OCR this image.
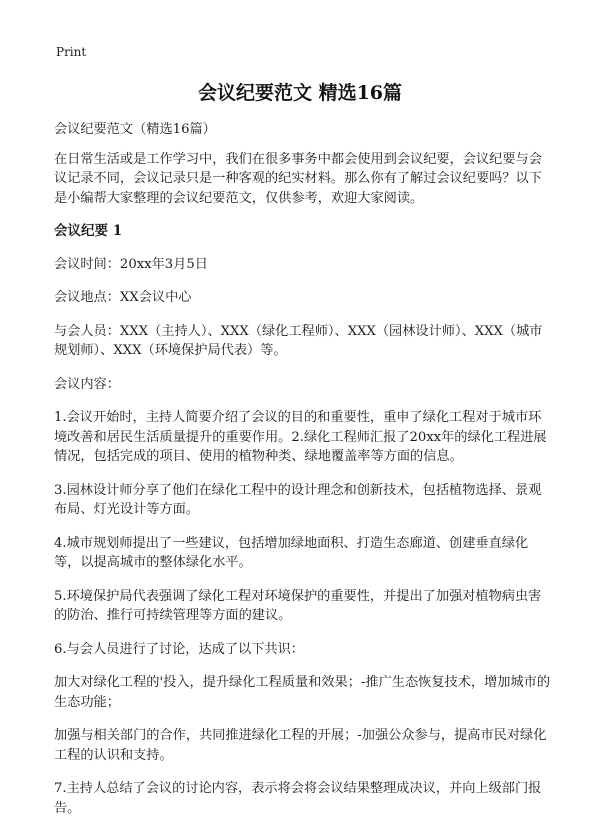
Print
会议纪要范文 精选16篇

会议纪要范文（精选16篇）

在日常生活或是工作学习中，我们在很多事务中都会使用到会议纪要，会议纪要与会议记录不同，会议记录只是一种客观的纪实材料。那么你有了解过会议纪要吗？以下是小编帮大家整理的会议纪要范文，仅供参考，欢迎大家阅读。

会议纪要 1

会议时间：20xx年3月5日

会议地点：XX会议中心

与会人员：XXX（主持人）、XXX（绿化工程师）、XXX（园林设计师）、XXX（城市规划师）、XXX（环境保护局代表）等。

会议内容：

1.会议开始时，主持人简要介绍了会议的目的和重要性，重申了绿化工程对于城市环境改善和居民生活质量提升的重要作用。2.绿化工程师汇报了20xx年的绿化工程进展情况，包括完成的项目、使用的植物种类、绿地覆盖率等方面的信息。

3.园林设计师分享了他们在绿化工程中的设计理念和创新技术，包括植物选择、景观布局、灯光设计等方面。

4.城市规划师提出了一些建议，包括增加绿地面积、打造生态廊道、创建垂直绿化等，以提高城市的整体绿化水平。

5.环境保护局代表强调了绿化工程对环境保护的重要性，并提出了加强对植物病虫害的防治、推行可持续管理等方面的建议。

6.与会人员进行了讨论，达成了以下共识：

加大对绿化工程的'投入，提升绿化工程质量和效果；-推广生态恢复技术，增加城市的生态功能；

加强与相关部门的合作，共同推进绿化工程的开展；-加强公众参与，提高市民对绿化工程的认识和支持。

7.主持人总结了会议的讨论内容，表示将会将会议结果整理成决议，并向上级部门报告。
